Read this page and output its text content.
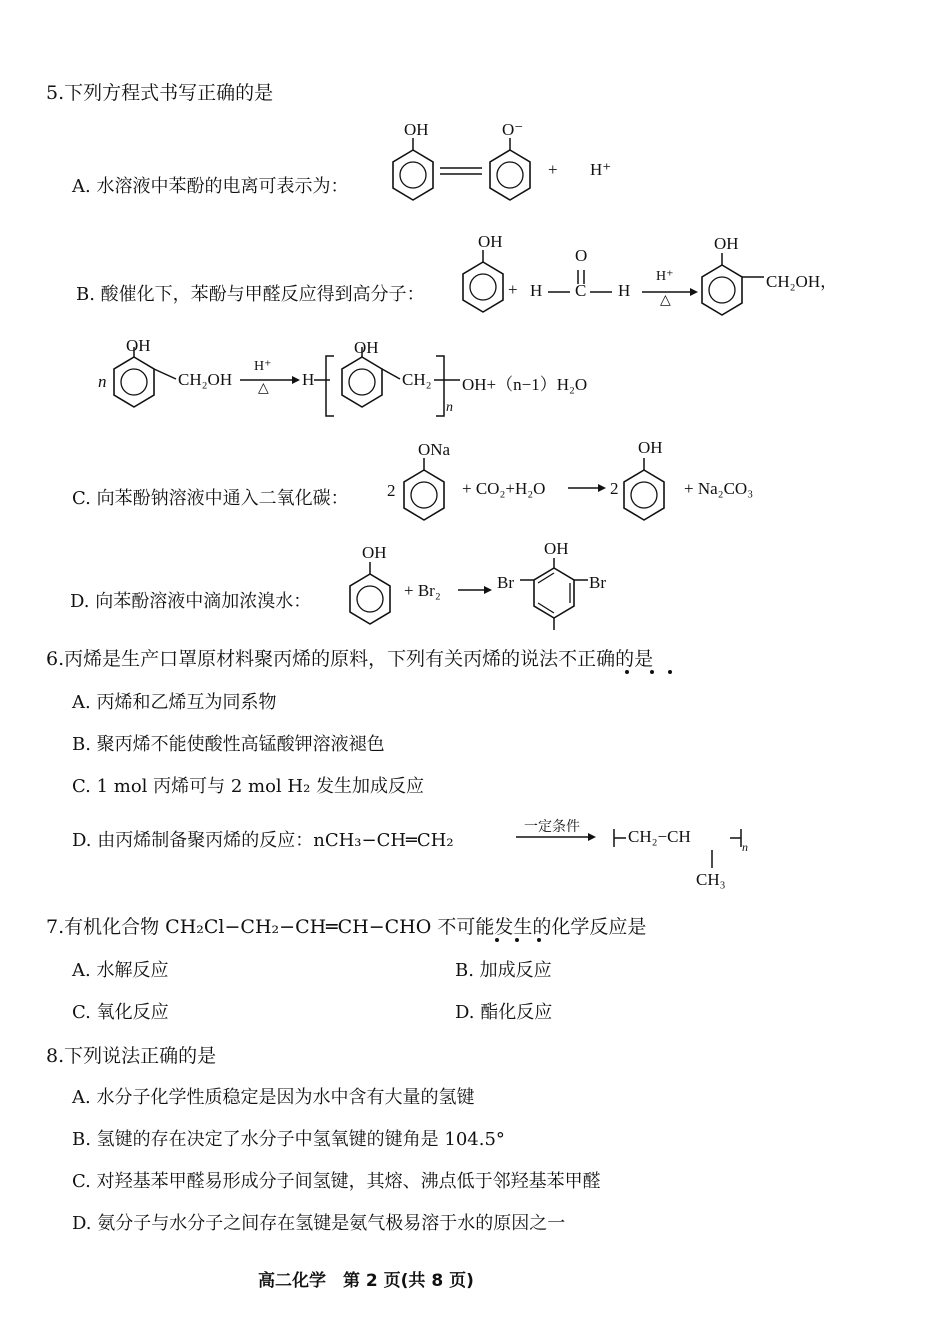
5.下列方程式书写正确的是
A. 水溶液中苯酚的电离可表示为：
OH	O⁻
+ H⁺
B. 酸催化下，苯酚与甲醛反应得到高分子：
OH
+ H
O
C H
H⁺
△
OH
CH₂OH，
n
OH
CH₂OH
H⁺
△ H
OH
CH₂
n
OH+（n−1）H₂O
C. 向苯酚钠溶液中通入二氧化碳： 2
ONa
+ CO₂+H₂O	2
OH
+ Na₂CO₃
D. 向苯酚溶液中滴加浓溴水：
OH
+ Br₂	Br
OH
Br
6.丙烯是生产口罩原材料聚丙烯的原料，下列有关丙烯的说法不正确的是
A. 丙烯和乙烯互为同系物
B. 聚丙烯不能使酸性高锰酸钾溶液褪色
C. 1 mol 丙烯可与 2 mol H₂ 发生加成反应
D. 由丙烯制备聚丙烯的反应：nCH₃−CH═CH₂
一定条件	CH₂−CH
n
CH₃
7.有机化合物 CH₂Cl−CH₂−CH═CH−CHO 不可能发生的化学反应是
A. 水解反应	B. 加成反应
C. 氧化反应	D. 酯化反应
8.下列说法正确的是
A. 水分子化学性质稳定是因为水中含有大量的氢键
B. 氢键的存在决定了水分子中氢氧键的键角是 104.5°
C. 对羟基苯甲醛易形成分子间氢键，其熔、沸点低于邻羟基苯甲醛
D. 氨分子与水分子之间存在氢键是氨气极易溶于水的原因之一
高二化学　第 2 页(共 8 页)
